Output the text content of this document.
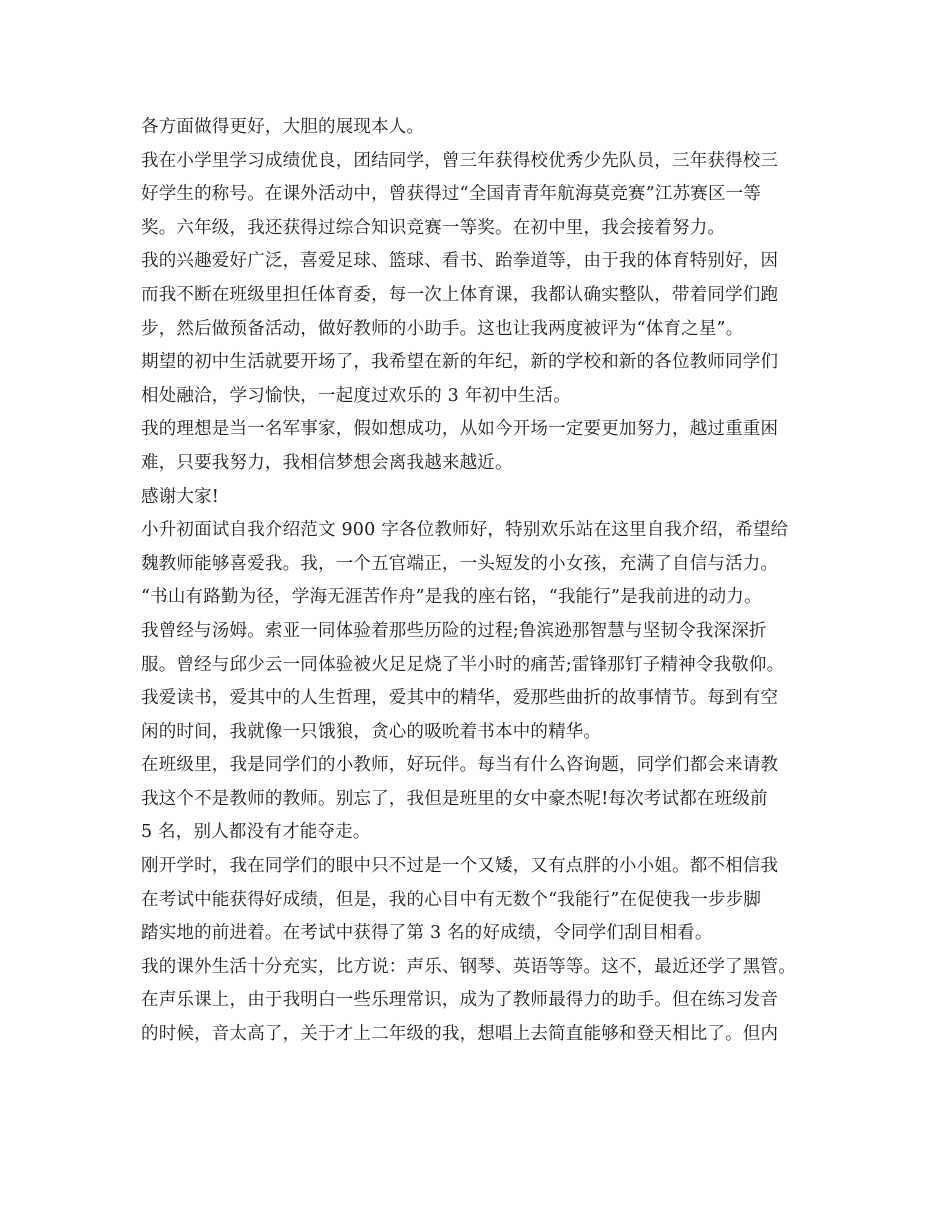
各方面做得更好，大胆的展现本人。
我在小学里学习成绩优良，团结同学，曾三年获得校优秀少先队员，三年获得校三
好学生的称号。在课外活动中，曾获得过“全国青青年航海莫竞赛”江苏赛区一等
奖。六年级，我还获得过综合知识竞赛一等奖。在初中里，我会接着努力。
我的兴趣爱好广泛，喜爱足球、篮球、看书、跆拳道等，由于我的体育特别好，因
而我不断在班级里担任体育委，每一次上体育课，我都认确实整队，带着同学们跑
步，然后做预备活动，做好教师的小助手。这也让我两度被评为“体育之星”。
期望的初中生活就要开场了，我希望在新的年纪，新的学校和新的各位教师同学们
相处融洽，学习愉快，一起度过欢乐的 3 年初中生活。
我的理想是当一名军事家，假如想成功，从如今开场一定要更加努力，越过重重困
难，只要我努力，我相信梦想会离我越来越近。
感谢大家!
小升初面试自我介绍范文 900 字各位教师好，特别欢乐站在这里自我介绍，希望给
魏教师能够喜爱我。我，一个五官端正，一头短发的小女孩，充满了自信与活力。
“书山有路勤为径，学海无涯苦作舟”是我的座右铭，“我能行”是我前进的动力。
我曾经与汤姆。索亚一同体验着那些历险的过程;鲁滨逊那智慧与坚韧令我深深折
服。曾经与邱少云一同体验被火足足烧了半小时的痛苦;雷锋那钉子精神令我敬仰。
我爱读书，爱其中的人生哲理，爱其中的精华，爱那些曲折的故事情节。每到有空
闲的时间，我就像一只饿狼，贪心的吸吮着书本中的精华。
在班级里，我是同学们的小教师，好玩伴。每当有什么咨询题，同学们都会来请教
我这个不是教师的教师。别忘了，我但是班里的女中豪杰呢!每次考试都在班级前
5 名，别人都没有才能夺走。
刚开学时，我在同学们的眼中只不过是一个又矮，又有点胖的小小姐。都不相信我
在考试中能获得好成绩，但是，我的心目中有无数个“我能行”在促使我一步步脚
踏实地的前进着。在考试中获得了第 3 名的好成绩，令同学们刮目相看。
我的课外生活十分充实，比方说：声乐、钢琴、英语等等。这不，最近还学了黑管。
在声乐课上，由于我明白一些乐理常识，成为了教师最得力的助手。但在练习发音
的时候，音太高了，关于才上二年级的我，想唱上去简直能够和登天相比了。但内
